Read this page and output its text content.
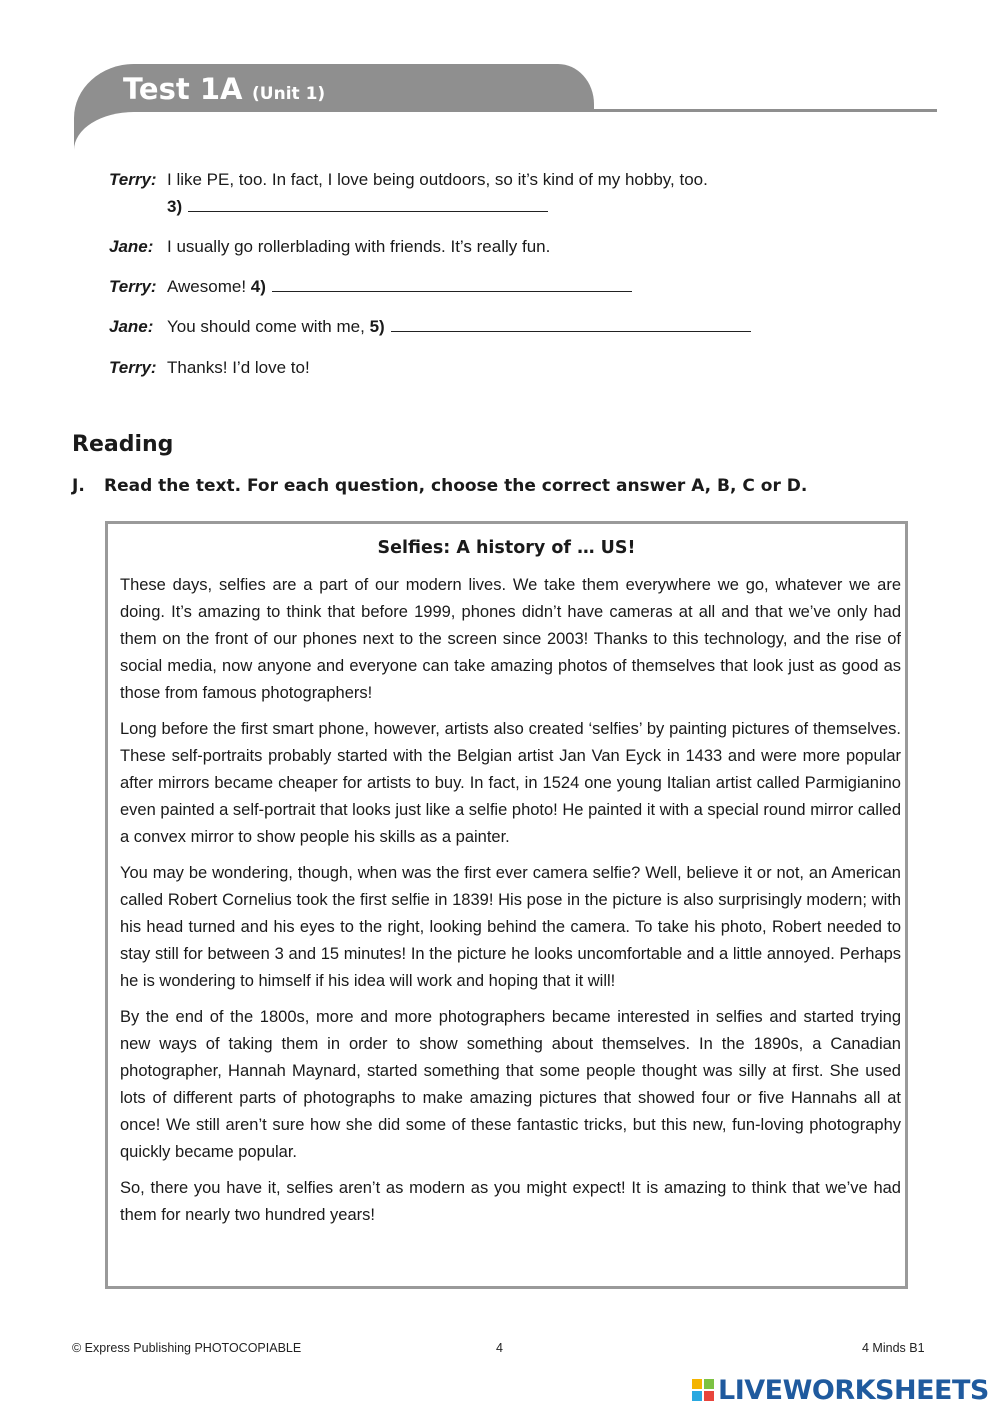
Test 1A (Unit 1)
Terry: I like PE, too. In fact, I love being outdoors, so it’s kind of my hobby, too.
3)
Jane: I usually go rollerblading with friends. It’s really fun.
Terry: Awesome! 4)
Jane: You should come with me, 5)
Terry: Thanks! I’d love to!
Reading
J. Read the text. For each question, choose the correct answer A, B, C or D.
Selfies: A history of … US!

These days, selfies are a part of our modern lives. We take them everywhere we go, whatever we are doing. It’s amazing to think that before 1999, phones didn’t have cameras at all and that we’ve only had them on the front of our phones next to the screen since 2003! Thanks to this technology, and the rise of social media, now anyone and everyone can take amazing photos of themselves that look just as good as those from famous photographers!

Long before the first smart phone, however, artists also created ‘selfies’ by painting pictures of themselves. These self-portraits probably started with the Belgian artist Jan Van Eyck in 1433 and were more popular after mirrors became cheaper for artists to buy. In fact, in 1524 one young Italian artist called Parmigianino even painted a self-portrait that looks just like a selfie photo! He painted it with a special round mirror called a convex mirror to show people his skills as a painter.

You may be wondering, though, when was the first ever camera selfie? Well, believe it or not, an American called Robert Cornelius took the first selfie in 1839! His pose in the picture is also surprisingly modern; with his head turned and his eyes to the right, looking behind the camera. To take his photo, Robert needed to stay still for between 3 and 15 minutes! In the picture he looks uncomfortable and a little annoyed. Perhaps he is wondering to himself if his idea will work and hoping that it will!

By the end of the 1800s, more and more photographers became interested in selfies and started trying new ways of taking them in order to show something about themselves. In the 1890s, a Canadian photographer, Hannah Maynard, started something that some people thought was silly at first. She used lots of different parts of photographs to make amazing pictures that showed four or five Hannahs all at once! We still aren’t sure how she did some of these fantastic tricks, but this new, fun-loving photography quickly became popular.

So, there you have it, selfies aren’t as modern as you might expect! It is amazing to think that we’ve had them for nearly two hundred years!

© Express Publishing PHOTOCOPIABLE	4	4 Minds B1
LIVEWORKSHEETS
